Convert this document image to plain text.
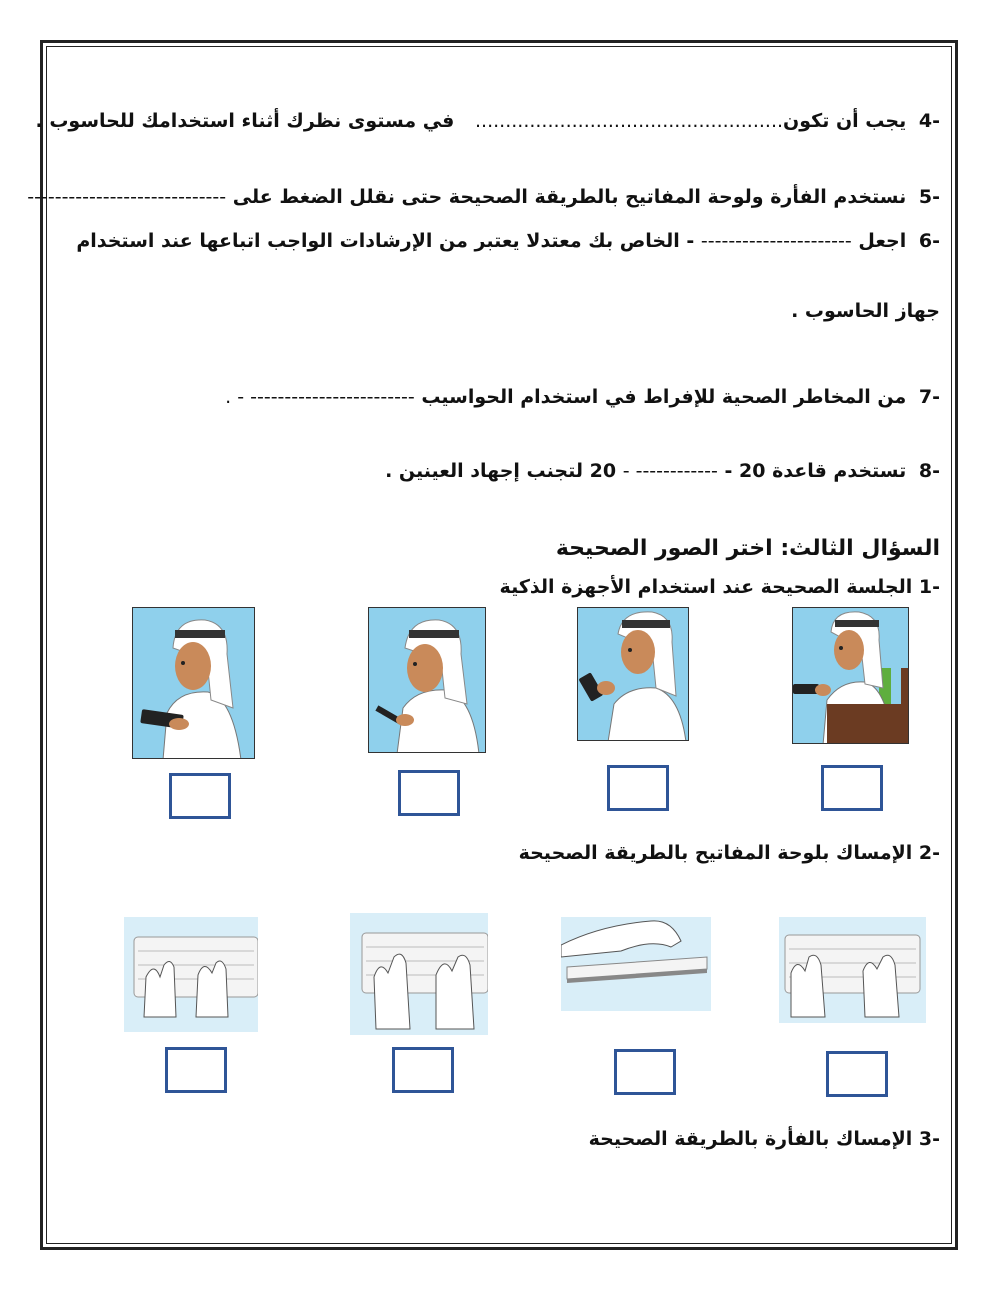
-4 يجب أن تكون................................................... في مستوى نظرك أثناء استخدامك للحاسوب .
-5 نستخدم الفأرة ولوحة المفاتيح بالطريقة الصحيحة حتى نقلل الضغط على -----------------------------
-6 اجعل ---------------------- - الخاص بك معتدلا يعتبر من الإرشادات الواجب اتباعها عند استخدام
جهاز الحاسوب .
-7 من المخاطر الصحية للإفراط في استخدام الحواسيب ------------------------ - .
-8 تستخدم قاعدة 20 - ------------ - 20 لتجنب إجهاد العينين .
السؤال الثالث: اختر الصور الصحيحة
-1 الجلسة الصحيحة عند استخدام الأجهزة الذكية
-2 الإمساك بلوحة المفاتيح بالطريقة الصحيحة
-3 الإمساك بالفأرة بالطريقة الصحيحة
